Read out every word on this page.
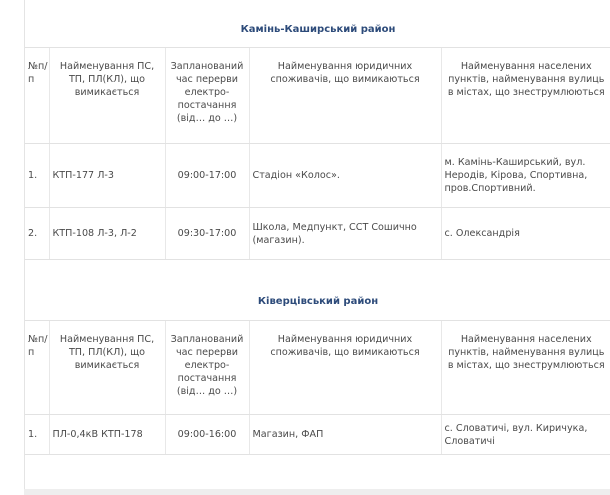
Камінь-Каширський район
№п/п	Найменування ПС, ТП, ПЛ(КЛ), що вимикається	Запланований час перерви електро-постачання (від… до …)	Найменування юридичних споживачів, що вимикаються	Найменування населених пунктів, найменування вулиць в містах, що знеструмлюються
1.	КТП-177 Л-3	09:00-17:00	Стадіон «Колос».	м. Камінь-Каширський, вул. Неродів, Кірова, Спортивна, пров.Спортивний.
2.	КТП-108 Л-3, Л-2	09:30-17:00	Школа, Медпункт, ССТ Сошично (магазин).	с. Олександрія
Ківерцівський район
№п/п	Найменування ПС, ТП, ПЛ(КЛ), що вимикається	Запланований час перерви електро-постачання (від… до …)	Найменування юридичних споживачів, що вимикаються	Найменування населених пунктів, найменування вулиць в містах, що знеструмлюються
1.	ПЛ-0,4кВ КТП-178	09:00-16:00	Магазин, ФАП	с. Словатичі, вул. Киричука, Словатичі
